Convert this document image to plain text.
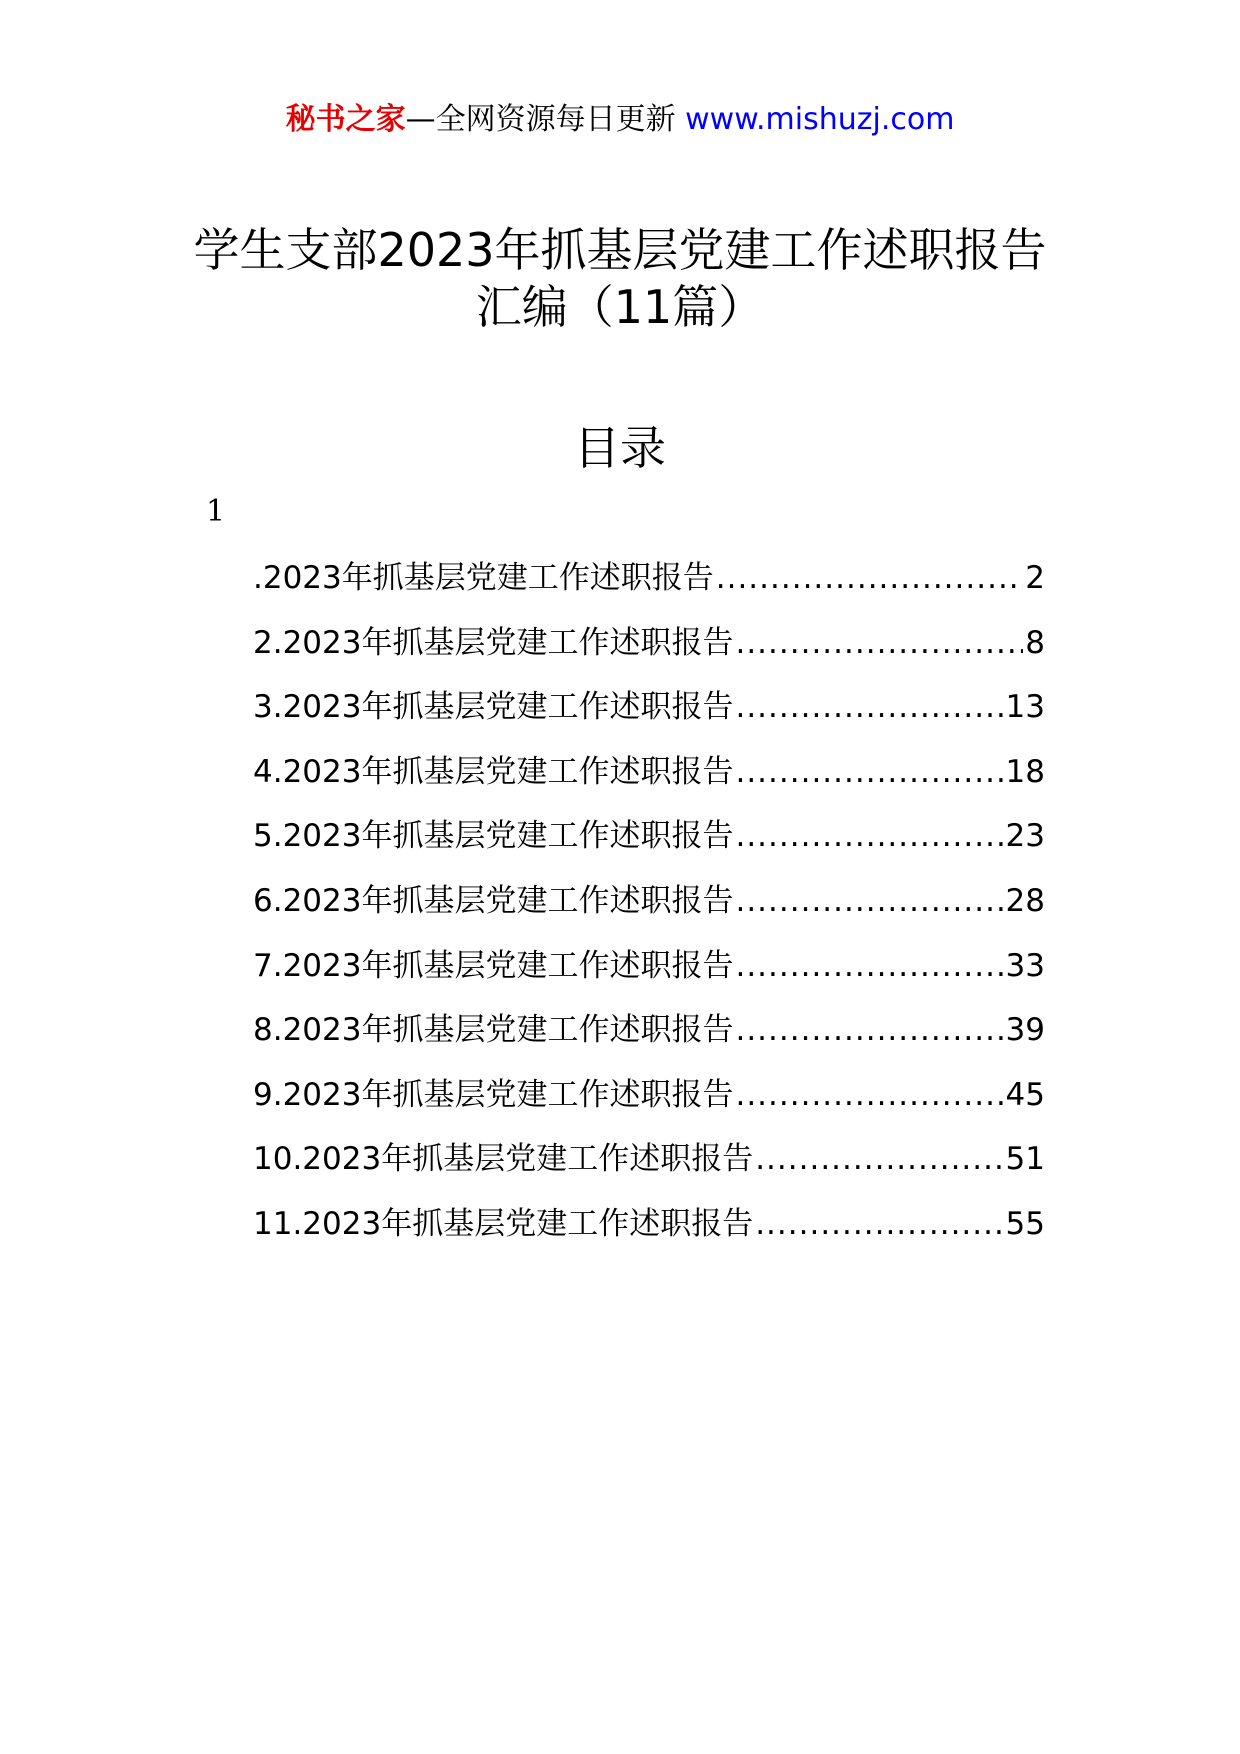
秘书之家—全网资源每日更新 www.mishuzj.com
学生支部2023年抓基层党建工作述职报告
汇编（11篇）
目录
1
.2023年抓基层党建工作述职报告 .....	2
2.2023年抓基层党建工作述职报告 .....	8
3.2023年抓基层党建工作述职报告 .....	13
4.2023年抓基层党建工作述职报告 .....	18
5.2023年抓基层党建工作述职报告 .....	23
6.2023年抓基层党建工作述职报告 .....	28
7.2023年抓基层党建工作述职报告 .....	33
8.2023年抓基层党建工作述职报告 .....	39
9.2023年抓基层党建工作述职报告 .....	45
10.2023年抓基层党建工作述职报告 .....	51
11.2023年抓基层党建工作述职报告 .....	55
